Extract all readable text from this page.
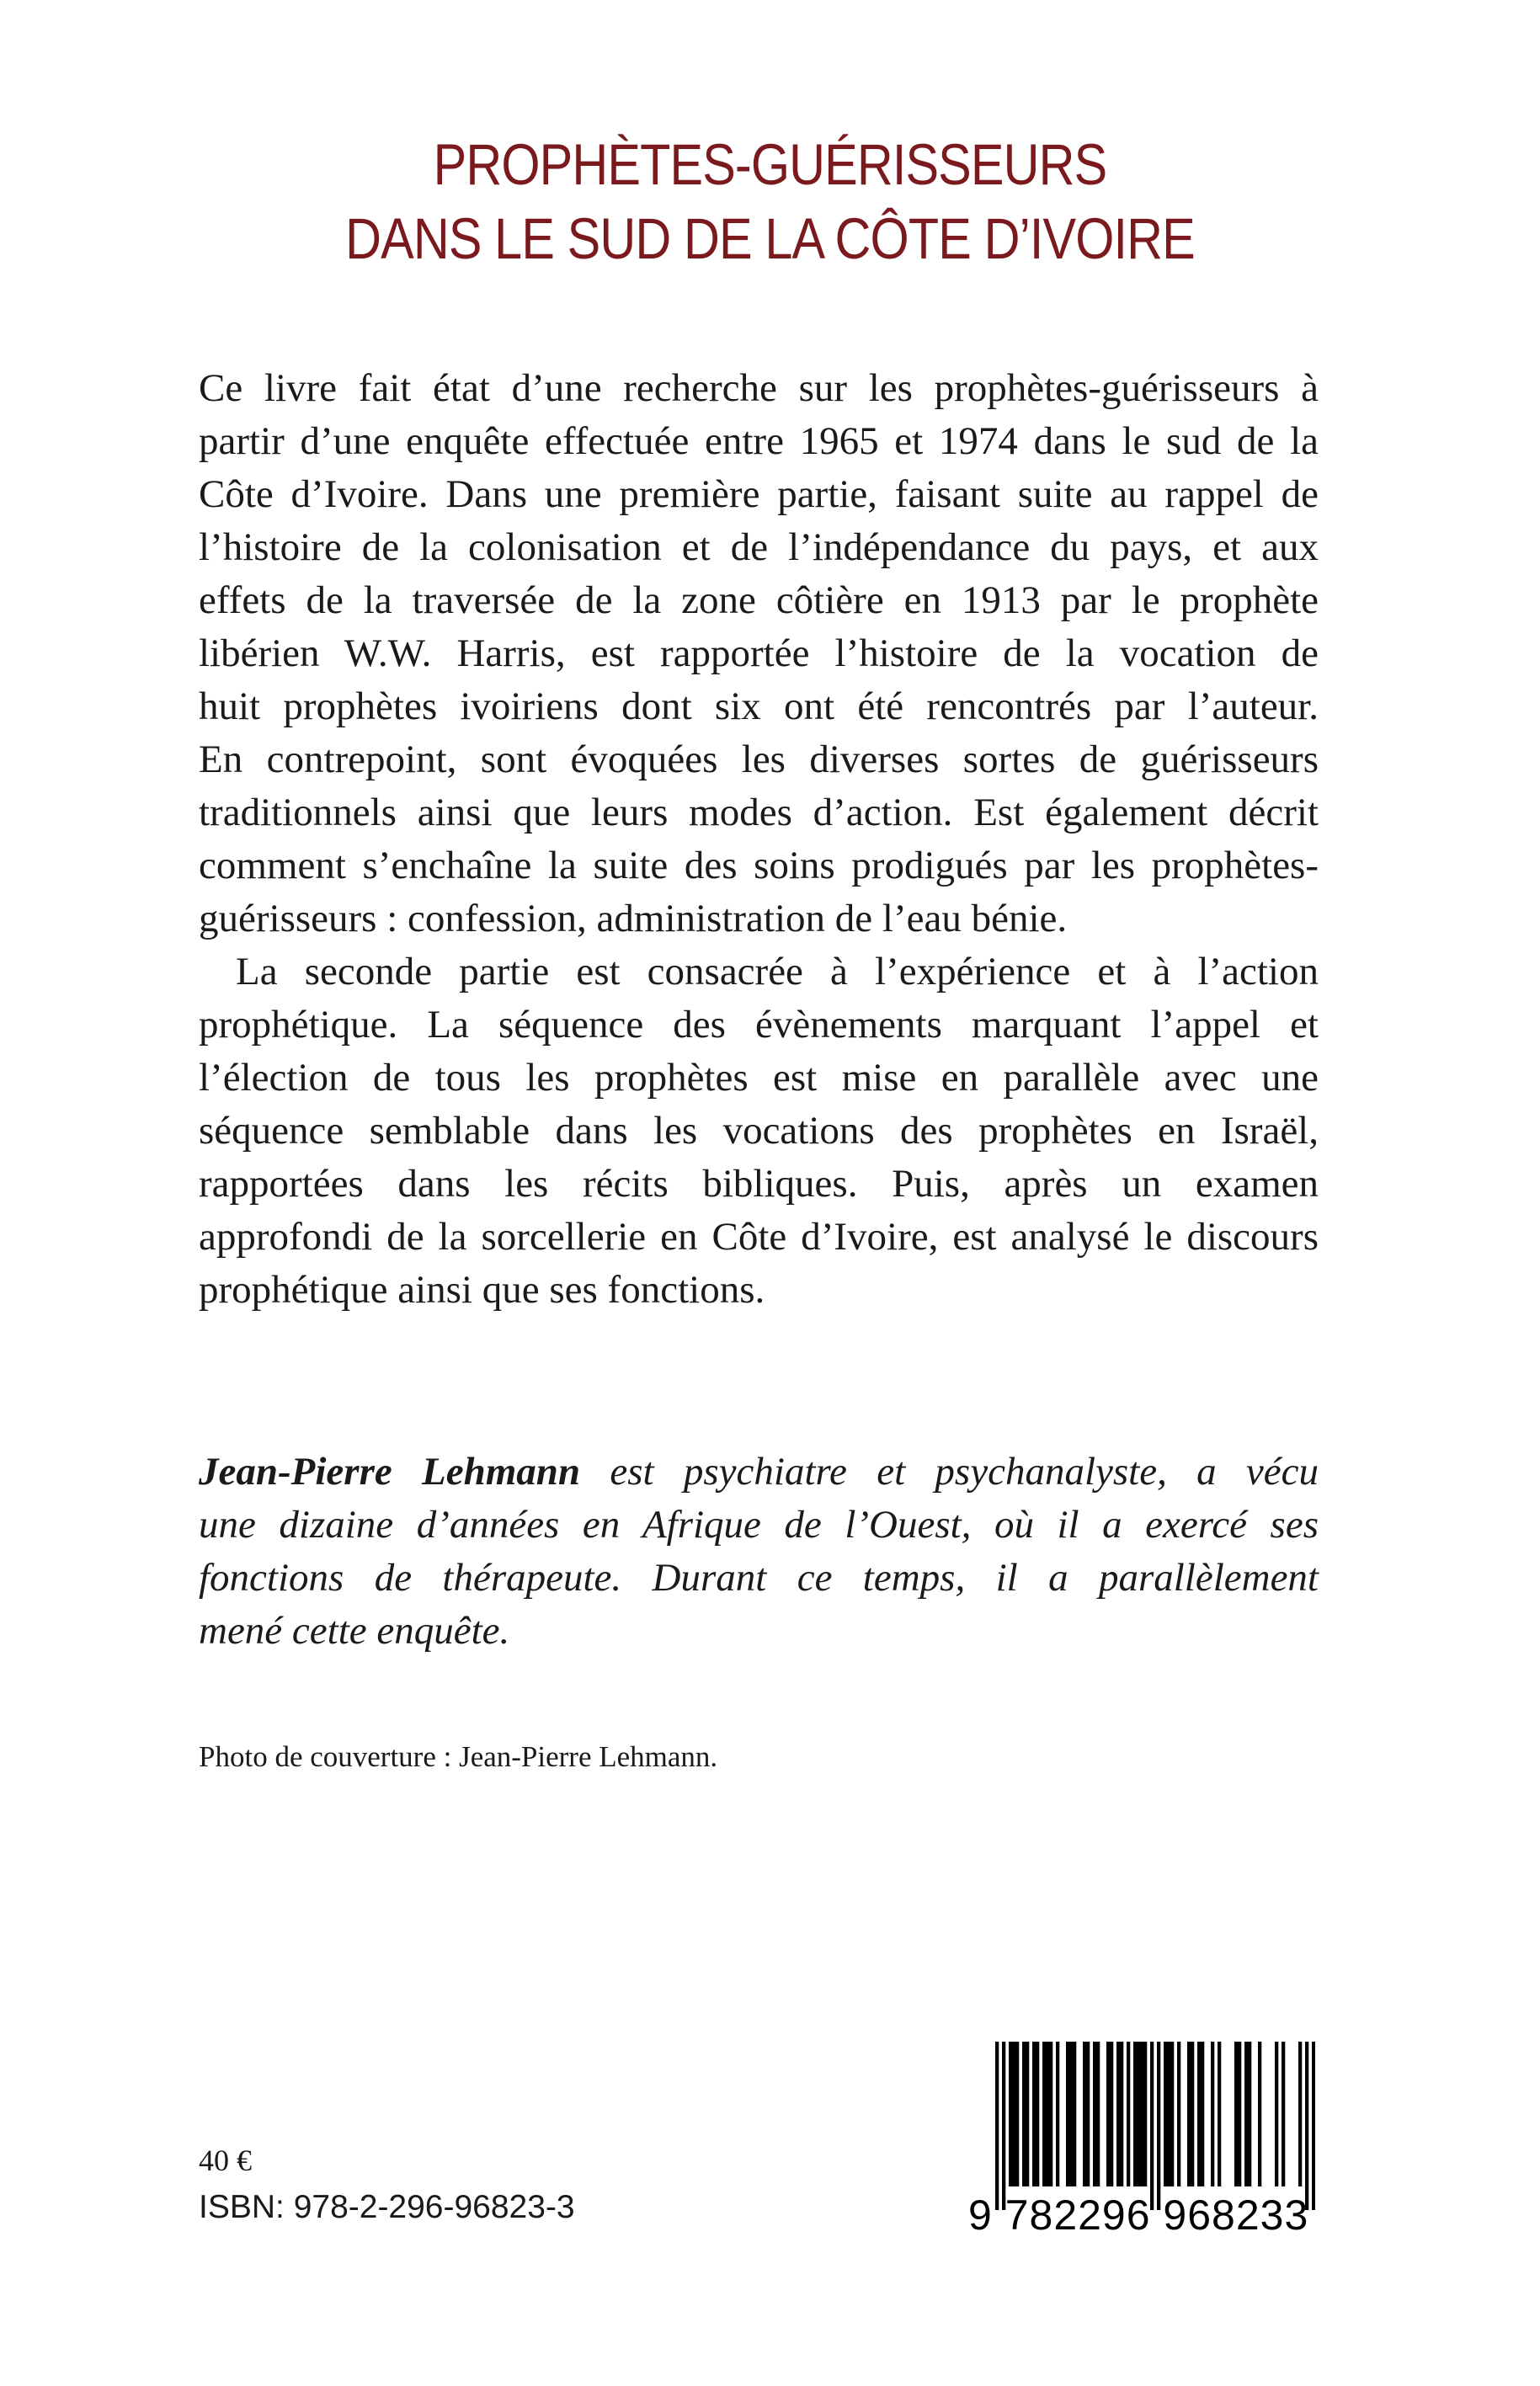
PROPHÈTES-GUÉRISSEURS
DANS LE SUD DE LA CÔTE D’IVOIRE
Ce livre fait état d’une recherche sur les prophètes-guérisseurs à
partir d’une enquête effectuée entre 1965 et 1974 dans le sud de la
Côte d’Ivoire. Dans une première partie, faisant suite au rappel de
l’histoire de la colonisation et de l’indépendance du pays, et aux
effets de la traversée de la zone côtière en 1913 par le prophète
libérien W.W. Harris, est rapportée l’histoire de la vocation de
huit prophètes ivoiriens dont six ont été rencontrés par l’auteur.
En contrepoint, sont évoquées les diverses sortes de guérisseurs
traditionnels ainsi que leurs modes d’action. Est également décrit
comment s’enchaîne la suite des soins prodigués par les prophètes-
guérisseurs : confession, administration de l’eau bénie.
La seconde partie est consacrée à l’expérience et à l’action
prophétique. La séquence des évènements marquant l’appel et
l’élection de tous les prophètes est mise en parallèle avec une
séquence semblable dans les vocations des prophètes en Israël,
rapportées dans les récits bibliques. Puis, après un examen
approfondi de la sorcellerie en Côte d’Ivoire, est analysé le discours
prophétique ainsi que ses fonctions.
Jean-Pierre Lehmann est psychiatre et psychanalyste, a vécu
une dizaine d’années en Afrique de l’Ouest, où il a exercé ses
fonctions de thérapeute. Durant ce temps, il a parallèlement
mené cette enquête.
Photo de couverture : Jean-Pierre Lehmann.
40 €
ISBN: 978-2-296-96823-3	9 782296 968233
